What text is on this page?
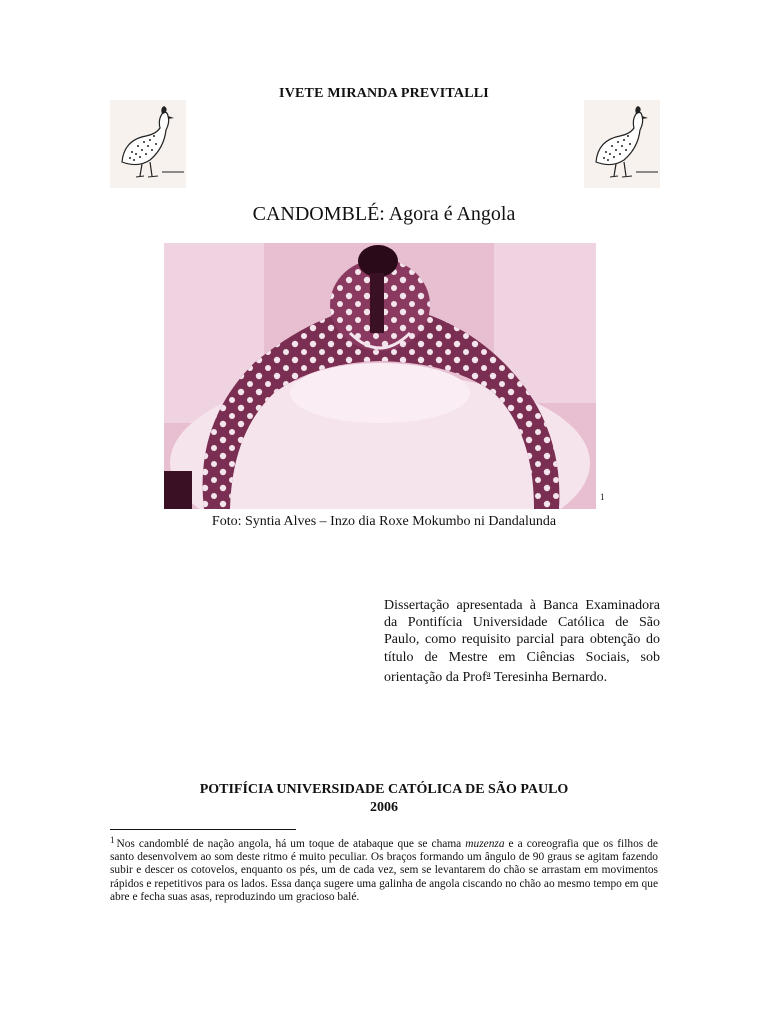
IVETE MIRANDA PREVITALLI
CANDOMBLÉ: Agora é Angola
1
Foto: Syntia Alves – Inzo dia Roxe Mokumbo ni Dandalunda
Dissertação apresentada à Banca Examinadora da Pontifícia Universidade Católica de São Paulo, como requisito parcial para obtenção do título de Mestre em Ciências Sociais, sob orientação da Prof$^a$ Teresinha Bernardo.
POTIFÍCIA UNIVERSIDADE CATÓLICA DE SÃO PAULO
2006
$^1$ Nos candomblé de nação angola, há um toque de atabaque que se chama muzenza e a coreografia que os filhos de santo desenvolvem ao som deste ritmo é muito peculiar. Os braços formando um ângulo de 90 graus se agitam fazendo subir e descer os cotovelos, enquanto os pés, um de cada vez, sem se levantarem do chão se arrastam em movimentos rápidos e repetitivos para os lados. Essa dança sugere uma galinha de angola ciscando no chão ao mesmo tempo em que abre e fecha suas asas, reproduzindo um gracioso balé.
